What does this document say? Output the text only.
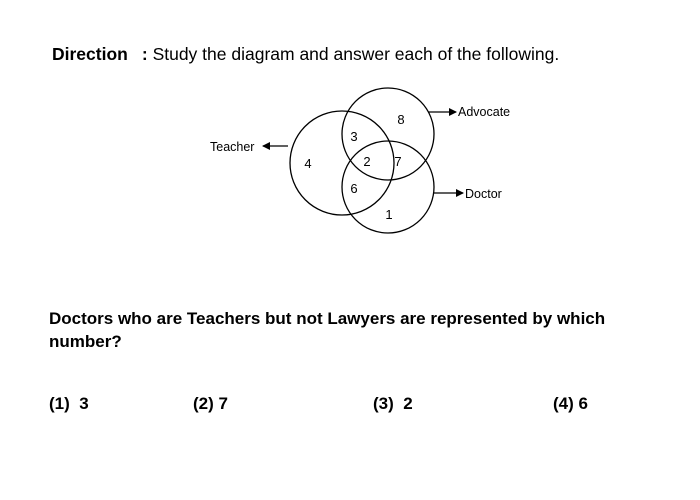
Direction : Study the diagram and answer each of the following.
Teacher
Advocate
Doctor
4
8
1
3
2 7
6
Doctors who are Teachers but not Lawyers are represented by which number?
(1) 3	(2) 7	(3) 2	(4) 6
